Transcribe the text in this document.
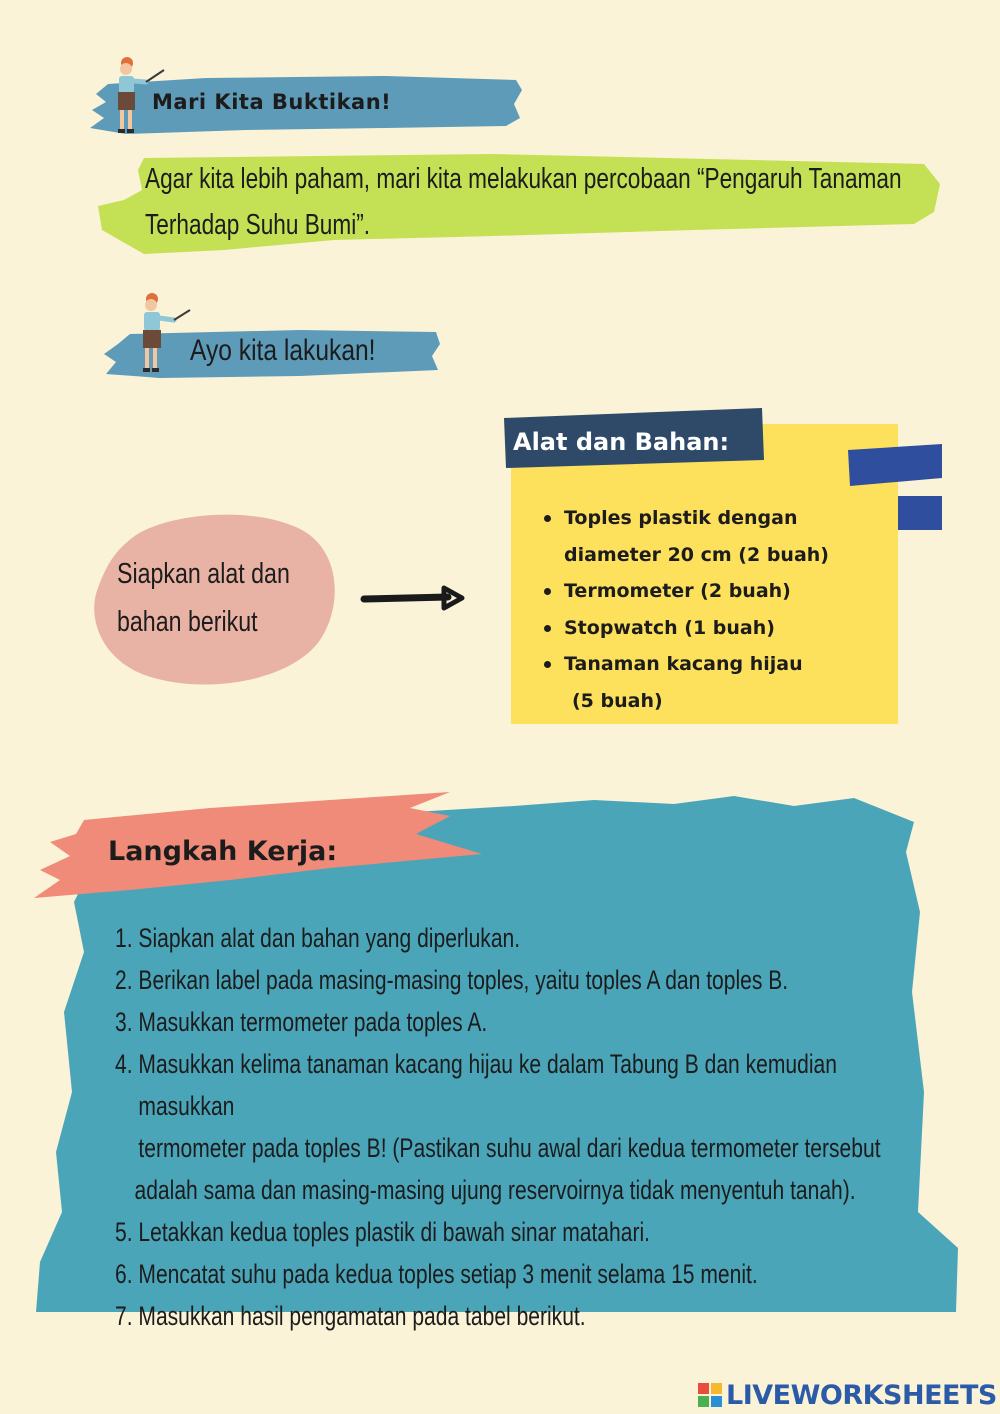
Mari Kita Buktikan!
Agar kita lebih paham, mari kita melakukan percobaan “Pengaruh Tanaman
Terhadap Suhu Bumi”.
Ayo kita lakukan!
Siapkan alat dan
bahan berikut
Alat dan Bahan:
Toples plastik dengan
diameter 20 cm (2 buah)
Termometer (2 buah)
Stopwatch (1 buah)
Tanaman kacang hijau
(5 buah)
Langkah Kerja:
1. Siapkan alat dan bahan yang diperlukan.
2. Berikan label pada masing-masing toples, yaitu toples A dan toples B.
3. Masukkan termometer pada toples A.
4. Masukkan kelima tanaman kacang hijau ke dalam Tabung B dan kemudian masukkan
termometer pada toples B! (Pastikan suhu awal dari kedua termometer tersebut
adalah sama dan masing-masing ujung reservoirnya tidak menyentuh tanah).
5. Letakkan kedua toples plastik di bawah sinar matahari.
6. Mencatat suhu pada kedua toples setiap 3 menit selama 15 menit.
7. Masukkan hasil pengamatan pada tabel berikut.
LIVEWORKSHEETS
